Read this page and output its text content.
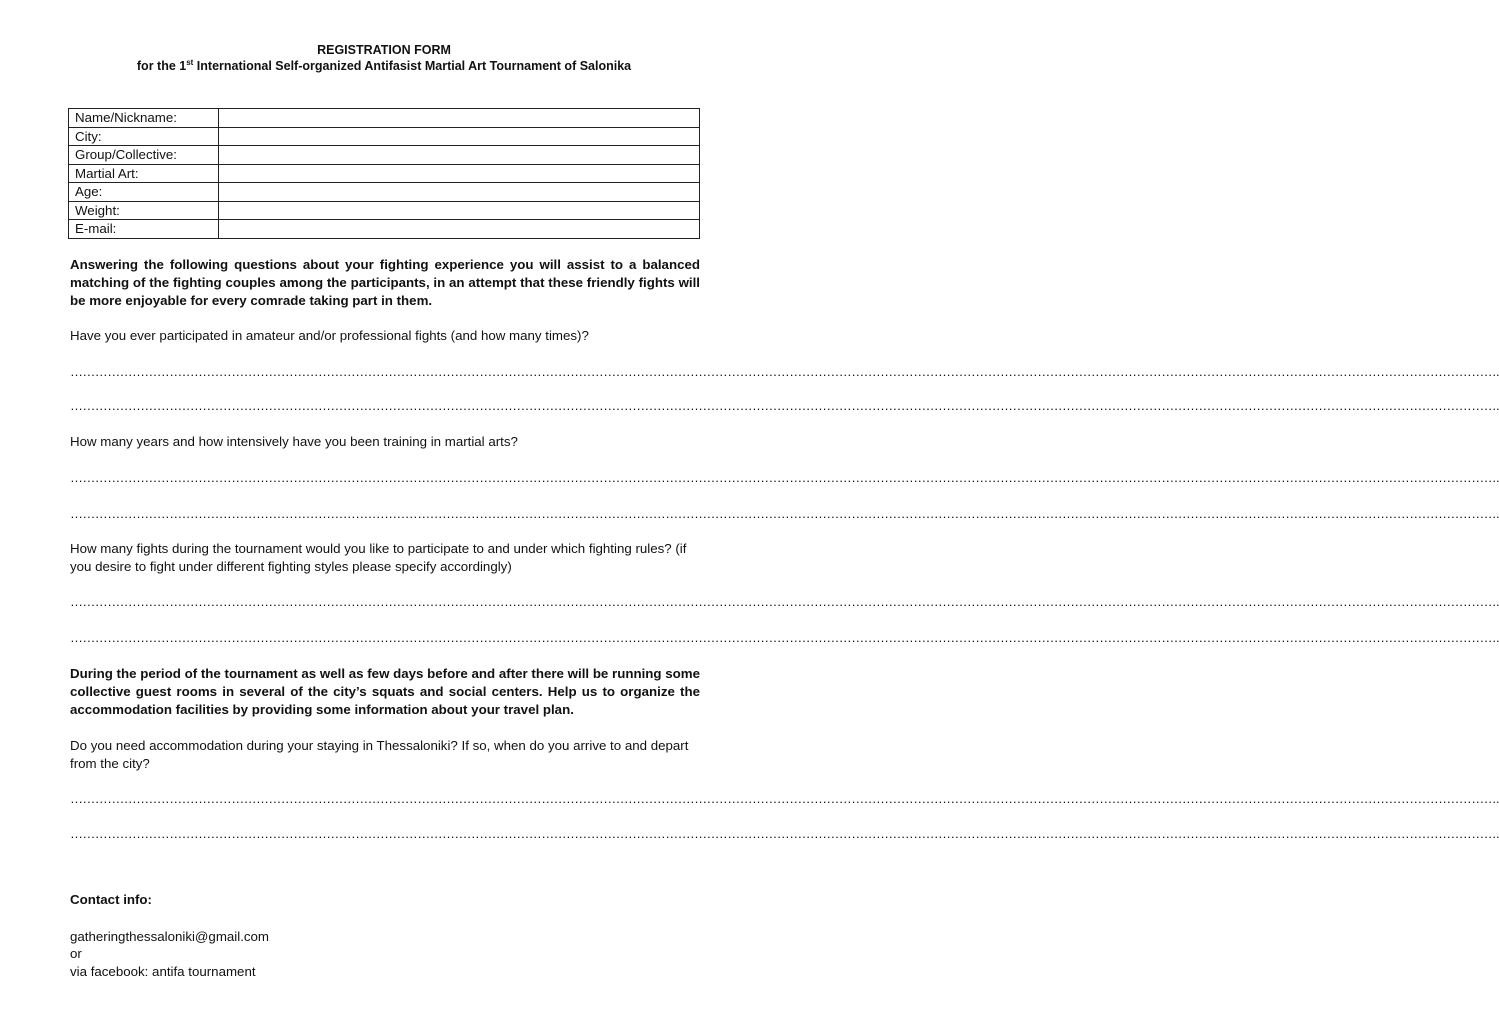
REGISTRATION FORM
for the 1st International Self-organized Antifasist Martial Art Tournament of Salonika
Name/Nickname:	
City:	
Group/Collective:	
Martial Art:	
Age:	
Weight:	
E-mail:	
Answering the following questions about your fighting experience you will assist to a balanced matching of the fighting couples among the participants, in an attempt that these friendly fights will be more enjoyable for every comrade taking part in them.
Have you ever participated in amateur and/or professional fights (and how many times)?
………………………………………………………………………………………………………………………………………………………………………………………………………………………………………………………………………………………………………………….
………………………………………………………………………………………………………………………………………………………………………………………………………………………………………………………………………………………………………………….
How many years and how intensively have you been training in martial arts?
………………………………………………………………………………………………………………………………………………………………………………………………………………………………………………………………………………………………………………….
………………………………………………………………………………………………………………………………………………………………………………………………………………………………………………………………………………………………………………….
How many fights during the tournament would you like to participate to and under which fighting rules? (if you desire to fight under different fighting styles please specify accordingly)
………………………………………………………………………………………………………………………………………………………………………………………………………………………………………………………………………………………………………………….
………………………………………………………………………………………………………………………………………………………………………………………………………………………………………………………………………………………………………………….
During the period of the tournament as well as few days before and after there will be running some collective guest rooms in several of the city’s squats and social centers. Help us to organize the accommodation facilities by providing some information about your travel plan.
Do you need accommodation during your staying in Thessaloniki? If so, when do you arrive to and depart from the city?
………………………………………………………………………………………………………………………………………………………………………………………………………………………………………………………………………………………………………………….
………………………………………………………………………………………………………………………………………………………………………………………………………………………………………………………………………………………………………………….
Contact info:
gatheringthessaloniki@gmail.com
or
via facebook: antifa tournament
